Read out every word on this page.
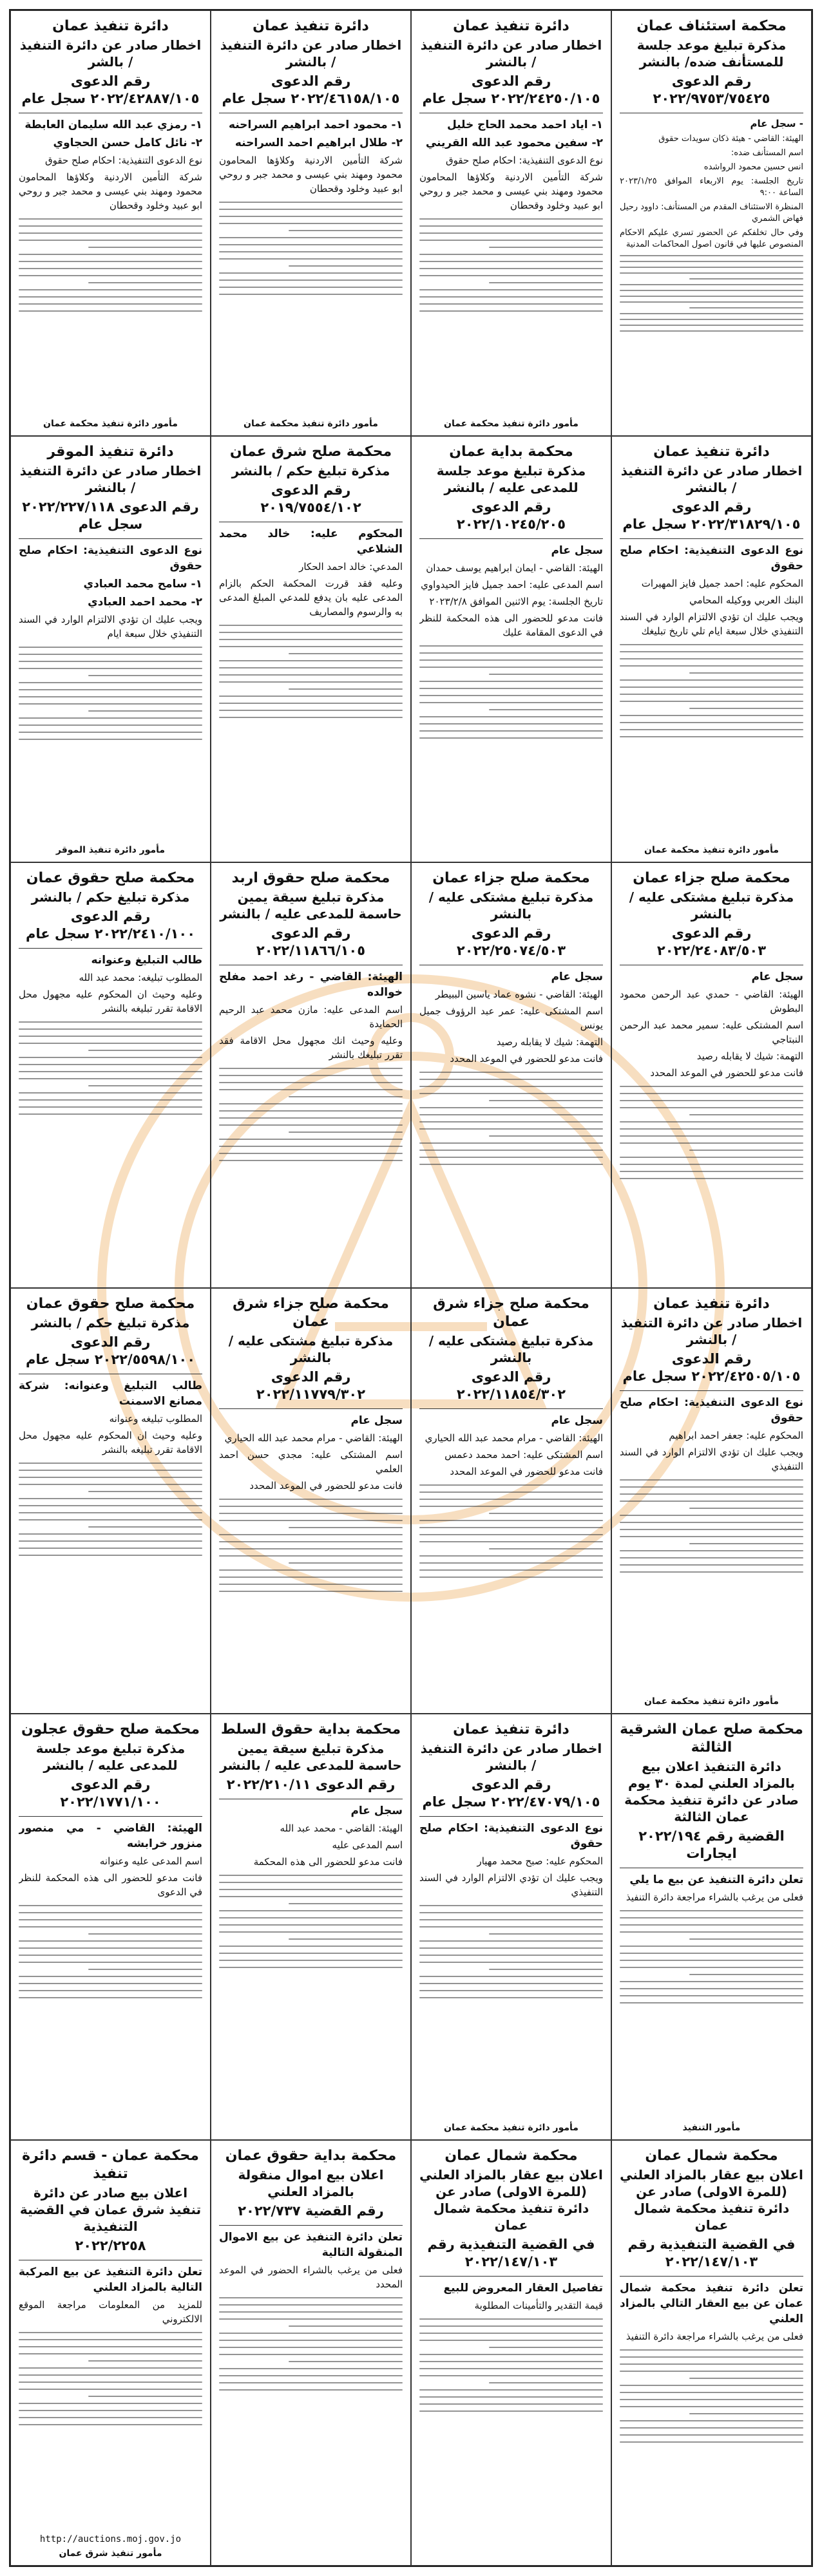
محكمة استئناف عمان
مذكرة تبليغ موعد جلسة للمستأنف ضده/ بالنشر
رقم الدعوى ٢٠٢٢/٩٧٥٣/٧٥٤٢٥

- سجل عام

الهيئة: القاضي - هيئة ذكان سويدات حقوق

اسم المستأنف ضده:

انس حسين محمود الرواشده

تاريخ الجلسة: يوم الاربعاء الموافق ٢٠٢٣/١/٢٥ الساعة ٩:٠٠

المنظرة الاستئناف المقدم من المستأنف: داوود رحيل فهاض الشمري

وفي حال تخلفكم عن الحضور تسري عليكم الاحكام المنصوص عليها في قانون اصول المحاكمات المدنية

دائرة تنفيذ عمان
اخطار صادر عن دائرة التنفيذ / بالنشر
رقم الدعوى ٢٠٢٢/٢٤٢٥٠/١٠٥ سجل عام

١- اياد احمد محمد الحاج خليل

٢- سفين محمود عبد الله القريني

نوع الدعوى التنفيذية: احكام صلح حقوق

شركة التأمين الاردنية وكلاؤها المحامون محمود ومهند بني عيسى و محمد جبر و روحي ابو عبيد وخلود وقحطان

مأمور دائرة تنفيذ محكمة عمان
دائرة تنفيذ عمان
اخطار صادر عن دائرة التنفيذ / بالنشر
رقم الدعوى ٢٠٢٢/٤٦١٥٨/١٠٥ سجل عام

١- محمود احمد ابراهيم السراحنه

٢- طلال ابراهيم احمد السراحنه

شركة التأمين الاردنية وكلاؤها المحامون محمود ومهند بني عيسى و محمد جبر و روحي ابو عبيد وخلود وقحطان

مأمور دائرة تنفيذ محكمة عمان
دائرة تنفيذ عمان
اخطار صادر عن دائرة التنفيذ / بالشر
رقم الدعوى ٢٠٢٢/٤٢٨٨٧/١٠٥ سجل عام

١- رمزي عبد الله سليمان العابطة

٢- نائل كامل حسن الحجاوي

نوع الدعوى التنفيذية: احكام صلح حقوق

شركة التأمين الاردنية وكلاؤها المحامون محمود ومهند بني عيسى و محمد جبر و روحي ابو عبيد وخلود وقحطان

مأمور دائرة تنفيذ محكمة عمان
دائرة تنفيذ عمان
اخطار صادر عن دائرة التنفيذ / بالنشر
رقم الدعوى ٢٠٢٢/٣١٨٢٩/١٠٥ سجل عام

نوع الدعوى التنفيذية: احكام صلح حقوق

المحكوم عليه: احمد جميل فايز المهيرات

البنك العربي ووكيله المحامي

ويجب عليك ان تؤدي الالتزام الوارد في السند التنفيذي خلال سبعة ايام تلي تاريخ تبليغك

مأمور دائرة تنفيذ محكمة عمان
محكمة بداية عمان
مذكرة تبليغ موعد جلسة للمدعى عليه / بالنشر
رقم الدعوى ٢٠٢٢/١٠٢٤٥/٢٠٥

سجل عام

الهيئة: القاضي - ايمان ابراهيم يوسف حمدان

اسم المدعى عليه: احمد جميل فايز الحيدواوي

تاريخ الجلسة: يوم الاثنين الموافق ٢٠٢٣/٢/٨

فانت مدعو للحضور الى هذه المحكمة للنظر في الدعوى المقامة عليك

محكمة صلح شرق عمان
مذكرة تبليغ حكم / بالنشر
رقم الدعوى ٢٠١٩/٧٥٥٤/١٠٢

المحكوم عليه: خالد محمد الشلاعي

المدعي: خالد احمد الحكار

وعليه فقد قررت المحكمة الحكم بالزام المدعى عليه بان يدفع للمدعي المبلغ المدعى به والرسوم والمصاريف

دائرة تنفيذ الموقر
اخطار صادر عن دائرة التنفيذ / بالنشر
رقم الدعوى ٢٠٢٢/٢٢٧/١١٨ سجل عام

نوع الدعوى التنفيذية: احكام صلح حقوق

١- سامح محمد العبادي

٢- محمد احمد العبادي

ويجب عليك ان تؤدي الالتزام الوارد في السند التنفيذي خلال سبعة ايام

مأمور دائرة تنفيذ الموقر
محكمة صلح جزاء عمان
مذكرة تبليغ مشتكى عليه / بالنشر
رقم الدعوى ٢٠٢٢/٢٤٠٨٣/٥٠٣

سجل عام

الهيئة: القاضي - حمدي عبد الرحمن محمود البطوش

اسم المشتكى عليه: سمير محمد عبد الرحمن النبتاجي

التهمة: شيك لا يقابله رصيد

فانت مدعو للحضور في الموعد المحدد

محكمة صلح جزاء عمان
مذكرة تبليغ مشتكى عليه / بالنشر
رقم الدعوى ٢٠٢٢/٢٥٠٧٤/٥٠٣

سجل عام

الهيئة: القاضي - نشوه عماد ياسين الببيطر

اسم المشتكى عليه: عمر عبد الرؤوف جميل يونس

التهمة: شيك لا يقابله رصيد

فانت مدعو للحضور في الموعد المحدد

محكمة صلح حقوق اربد
مذكرة تبليغ سيقة يمين حاسمة للمدعى عليه / بالنشر
رقم الدعوى ٢٠٢٢/١١٨٦٦/١٠٥

الهيئة: القاضي - رغد احمد مفلح خوالده

اسم المدعى عليه: مازن محمد عبد الرحيم الحمايدة

وعليه وحيث انك مجهول محل الاقامة فقد تقرر تبليغك بالنشر

محكمة صلح حقوق عمان
مذكرة تبليغ حكم / بالنشر
رقم الدعوى ٢٠٢٢/٢٤١٠/١٠٠ سجل عام

طالب التبليغ وعنوانه

المطلوب تبليغه: محمد عبد الله

وعليه وحيث ان المحكوم عليه مجهول محل الاقامة تقرر تبليغه بالنشر

دائرة تنفيذ عمان
اخطار صادر عن دائرة التنفيذ / بالنشر
رقم الدعوى ٢٠٢٢/٤٢٥٠٥/١٠٥ سجل عام

نوع الدعوى التنفيذية: احكام صلح حقوق

المحكوم عليه: جعفر احمد ابراهيم

ويجب عليك ان تؤدي الالتزام الوارد في السند التنفيذي

مأمور دائرة تنفيذ محكمة عمان
محكمة صلح جزاء شرق عمان
مذكرة تبليغ مشتكى عليه / بالنشر
رقم الدعوى ٢٠٢٢/١١٨٥٤/٣٠٢

سجل عام

الهيئة: القاضي - مرام محمد عبد الله الحياري

اسم المشتكى عليه: احمد محمد دعمس

فانت مدعو للحضور في الموعد المحدد

محكمة صلح جزاء شرق عمان
مذكرة تبليغ مشتكى عليه / بالنشر
رقم الدعوى ٢٠٢٢/١١٧٧٩/٣٠٢

سجل عام

الهيئة: القاضي - مرام محمد عبد الله الحياري

اسم المشتكى عليه: مجدي حسن احمد العلمي

فانت مدعو للحضور في الموعد المحدد

محكمة صلح حقوق عمان
مذكرة تبليغ حكم / بالنشر
رقم الدعوى ٢٠٢٢/٥٥٩٨/١٠٠ سجل عام

طالب التبليغ وعنوانه: شركة مصانع الاسمنت

المطلوب تبليغه وعنوانه

وعليه وحيث ان المحكوم عليه مجهول محل الاقامة تقرر تبليغه بالنشر

محكمة صلح عمان الشرقية الثالثة
دائرة التنفيذ اعلان بيع بالمزاد العلني لمدة ٣٠ يوم صادر عن دائرة تنفيذ محكمة عمان الثالثة
القضية رقم ٢٠٢٢/١٩٤ ايجارات

تعلن دائرة التنفيذ عن بيع ما يلي

فعلى من يرغب بالشراء مراجعة دائرة التنفيذ

مأمور التنفيذ
دائرة تنفيذ عمان
اخطار صادر عن دائرة التنفيذ / بالنشر
رقم الدعوى ٢٠٢٢/٤٧٠٧٩/١٠٥ سجل عام

نوع الدعوى التنفيذية: احكام صلح حقوق

المحكوم عليه: صبح محمد مهيار

ويجب عليك ان تؤدي الالتزام الوارد في السند التنفيذي

مأمور دائرة تنفيذ محكمة عمان
محكمة بداية حقوق السلط
مذكرة تبليغ سيقة يمين حاسمة للمدعى عليه / بالنشر
رقم الدعوى ٢٠٢٢/٢١٠/١١

سجل عام

الهيئة: القاضي - محمد عبد الله

اسم المدعى عليه

فانت مدعو للحضور الى هذه المحكمة

محكمة صلح حقوق عجلون
مذكرة تبليغ موعد جلسة للمدعى عليه / بالنشر
رقم الدعوى ٢٠٢٢/١٧٧١/١٠٠

الهيئة: القاضي - مي منصور منزور خرابشه

اسم المدعى عليه وعنوانه

فانت مدعو للحضور الى هذه المحكمة للنظر في الدعوى

محكمة شمال عمان
اعلان بيع عقار بالمزاد العلني (للمرة الاولى) صادر عن دائرة تنفيذ محكمة شمال عمان
في القضية التنفيذية رقم ٢٠٢٢/١٤٧/١٠٣

تعلن دائرة تنفيذ محكمة شمال عمان عن بيع العقار التالي بالمزاد العلني

فعلى من يرغب بالشراء مراجعة دائرة التنفيذ

محكمة شمال عمان
اعلان بيع عقار بالمزاد العلني (للمرة الاولى) صادر عن دائرة تنفيذ محكمة شمال عمان
في القضية التنفيذية رقم ٢٠٢٢/١٤٧/١٠٣

تفاصيل العقار المعروض للبيع

قيمة التقدير والتأمينات المطلوبة

محكمة بداية حقوق عمان
اعلان بيع اموال منقولة بالمزاد العلني
رقم القضية ٢٠٢٢/٧٣٧

تعلن دائرة التنفيذ عن بيع الاموال المنقولة التالية

فعلى من يرغب بالشراء الحضور في الموعد المحدد

محكمة عمان - قسم دائرة تنفيذ
اعلان بيع صادر عن دائرة تنفيذ شرق عمان في القضية التنفيذية
٢٠٢٢/٢٢٥٨

تعلن دائرة التنفيذ عن بيع المركبة التالية بالمزاد العلني

للمزيد من المعلومات مراجعة الموقع الالكتروني

http://auctions.moj.gov.jo
مأمور تنفيذ شرق عمان
